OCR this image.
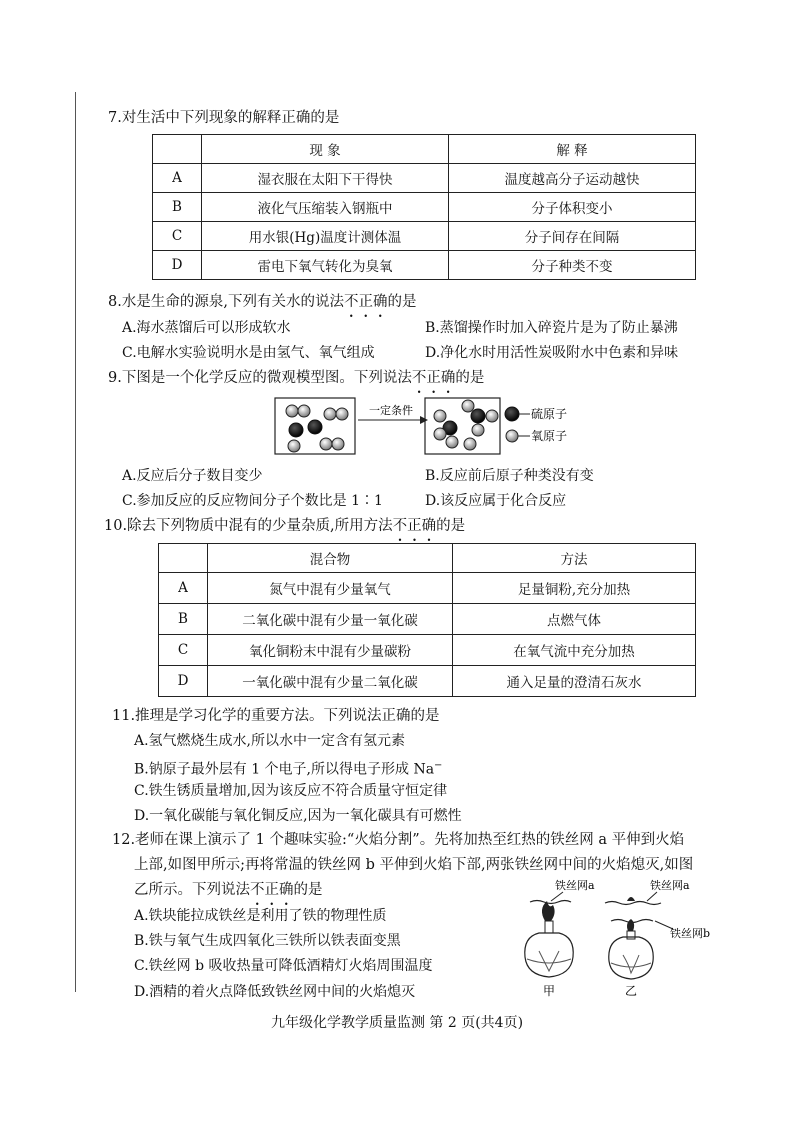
7.对生活中下列现象的解释正确的是
	现 象	解 释
A	湿衣服在太阳下干得快	温度越高分子运动越快
B	液化气压缩装入钢瓶中	分子体积变小
C	用水银(Hg)温度计测体温	分子间存在间隔
D	雷电下氧气转化为臭氧	分子种类不变
8.水是生命的源泉,下列有关水的说法不正确的是
A.海水蒸馏后可以形成软水	B.蒸馏操作时加入碎瓷片是为了防止暴沸
C.电解水实验说明水是由氢气、氧气组成	D.净化水时用活性炭吸附水中色素和异味
9.下图是一个化学反应的微观模型图。下列说法不正确的是
一定条件	硫原子
氧原子
A.反应后分子数目变少	B.反应前后原子种类没有变
C.参加反应的反应物间分子个数比是 1∶1	D.该反应属于化合反应
10.除去下列物质中混有的少量杂质,所用方法不正确的是
	混合物	方法
A	氮气中混有少量氧气	足量铜粉,充分加热
B	二氧化碳中混有少量一氧化碳	点燃气体
C	氧化铜粉末中混有少量碳粉	在氧气流中充分加热
D	一氧化碳中混有少量二氧化碳	通入足量的澄清石灰水
11.推理是学习化学的重要方法。下列说法正确的是
A.氢气燃烧生成水,所以水中一定含有氢元素
B.钠原子最外层有 1 个电子,所以得电子形成 Na−
C.铁生锈质量增加,因为该反应不符合质量守恒定律
D.一氧化碳能与氧化铜反应,因为一氧化碳具有可燃性
12.老师在课上演示了 1 个趣味实验:“火焰分割”。先将加热至红热的铁丝网 a 平伸到火焰
上部,如图甲所示;再将常温的铁丝网 b 平伸到火焰下部,两张铁丝网中间的火焰熄灭,如图
乙所示。下列说法不正确的是
A.铁块能拉成铁丝是利用了铁的物理性质
B.铁与氧气生成四氧化三铁所以铁表面变黑
C.铁丝网 b 吸收热量可降低酒精灯火焰周围温度
D.酒精的着火点降低致铁丝网中间的火焰熄灭
铁丝网a
甲
铁丝网a
铁丝网b
乙
九年级化学教学质量监测 第 2 页(共4页)
